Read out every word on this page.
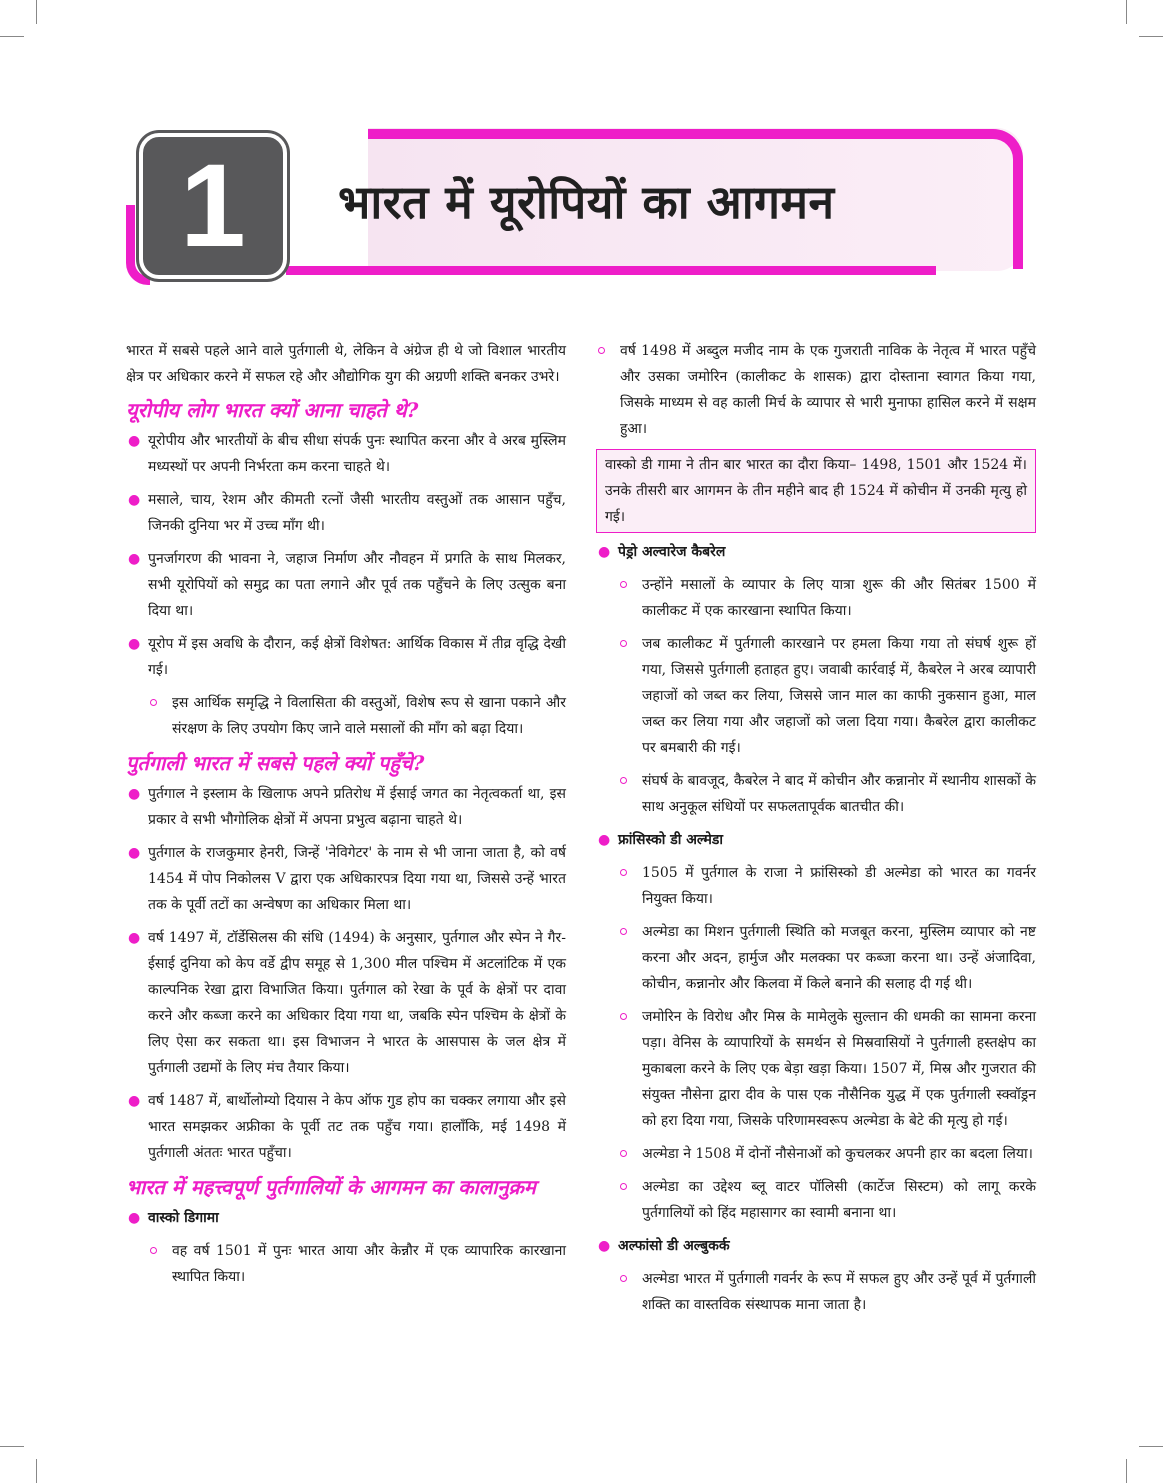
1 भारत में यूरोपियों का आगमन

भारत में सबसे पहले आने वाले पुर्तगाली थे, लेकिन वे अंग्रेज ही थे जो विशाल भारतीय क्षेत्र पर अधिकार करने में सफल रहे और औद्योगिक युग की अग्रणी शक्ति बनकर उभरे।

यूरोपीय लोग भारत क्यों आना चाहते थे?
● यूरोपीय और भारतीयों के बीच सीधा संपर्क पुनः स्थापित करना और वे अरब मुस्लिम मध्यस्थों पर अपनी निर्भरता कम करना चाहते थे।
● मसाले, चाय, रेशम और कीमती रत्नों जैसी भारतीय वस्तुओं तक आसान पहुँच, जिनकी दुनिया भर में उच्च माँग थी।
● पुनर्जागरण की भावना ने, जहाज निर्माण और नौवहन में प्रगति के साथ मिलकर, सभी यूरोपियों को समुद्र का पता लगाने और पूर्व तक पहुँचने के लिए उत्सुक बना दिया था।
● यूरोप में इस अवधि के दौरान, कई क्षेत्रों विशेषत: आर्थिक विकास में तीव्र वृद्धि देखी गई।
इस आर्थिक समृद्धि ने विलासिता की वस्तुओं, विशेष रूप से खाना पकाने और संरक्षण के लिए उपयोग किए जाने वाले मसालों की माँग को बढ़ा दिया।
पुर्तगाली भारत में सबसे पहले क्यों पहुँचे?
● पुर्तगाल ने इस्लाम के खिलाफ अपने प्रतिरोध में ईसाई जगत का नेतृत्वकर्ता था, इस प्रकार वे सभी भौगोलिक क्षेत्रों में अपना प्रभुत्व बढ़ाना चाहते थे।
● पुर्तगाल के राजकुमार हेनरी, जिन्हें 'नेविगेटर' के नाम से भी जाना जाता है, को वर्ष 1454 में पोप निकोलस V द्वारा एक अधिकारपत्र दिया गया था, जिससे उन्हें भारत तक के पूर्वी तटों का अन्वेषण का अधिकार मिला था।
● वर्ष 1497 में, टॉर्डेसिलस की संधि (1494) के अनुसार, पुर्तगाल और स्पेन ने गैर-ईसाई दुनिया को केप वर्डे द्वीप समूह से 1,300 मील पश्चिम में अटलांटिक में एक काल्पनिक रेखा द्वारा विभाजित किया। पुर्तगाल को रेखा के पूर्व के क्षेत्रों पर दावा करने और कब्जा करने का अधिकार दिया गया था, जबकि स्पेन पश्चिम के क्षेत्रों के लिए ऐसा कर सकता था। इस विभाजन ने भारत के आसपास के जल क्षेत्र में पुर्तगाली उद्यमों के लिए मंच तैयार किया।
● वर्ष 1487 में, बार्थोलोम्यो दियास ने केप ऑफ गुड होप का चक्कर लगाया और इसे भारत समझकर अफ्रीका के पूर्वी तट तक पहुँच गया। हालाँकि, मई 1498 में पुर्तगाली अंततः भारत पहुँचा।
भारत में महत्त्वपूर्ण पुर्तगालियों के आगमन का कालानुक्रम
● वास्को डिगामा
वह वर्ष 1501 में पुनः भारत आया और केन्नौर में एक व्यापारिक कारखाना स्थापित किया।
वर्ष 1498 में अब्दुल मजीद नाम के एक गुजराती नाविक के नेतृत्व में भारत पहुँचे और उसका जमोरिन (कालीकट के शासक) द्वारा दोस्ताना स्वागत किया गया, जिसके माध्यम से वह काली मिर्च के व्यापार से भारी मुनाफा हासिल करने में सक्षम हुआ।
वास्को डी गामा ने तीन बार भारत का दौरा किया– 1498, 1501 और 1524 में। उनके तीसरी बार आगमन के तीन महीने बाद ही 1524 में कोचीन में उनकी मृत्यु हो गई।
● पेड्रो अल्वारेज कैबरेल
उन्होंने मसालों के व्यापार के लिए यात्रा शुरू की और सितंबर 1500 में कालीकट में एक कारखाना स्थापित किया।
जब कालीकट में पुर्तगाली कारखाने पर हमला किया गया तो संघर्ष शुरू हों गया, जिससे पुर्तगाली हताहत हुए। जवाबी कार्रवाई में, कैबरेल ने अरब व्यापारी जहाजों को जब्त कर लिया, जिससे जान माल का काफी नुकसान हुआ, माल जब्त कर लिया गया और जहाजों को जला दिया गया। कैबरेल द्वारा कालीकट पर बमबारी की गई।
संघर्ष के बावजूद, कैबरेल ने बाद में कोचीन और कन्नानोर में स्थानीय शासकों के साथ अनुकूल संधियों पर सफलतापूर्वक बातचीत की।
● फ्रांसिस्को डी अल्मेडा
1505 में पुर्तगाल के राजा ने फ्रांसिस्को डी अल्मेडा को भारत का गवर्नर नियुक्त किया।
अल्मेडा का मिशन पुर्तगाली स्थिति को मजबूत करना, मुस्लिम व्यापार को नष्ट करना और अदन, हार्मुज और मलक्का पर कब्जा करना था। उन्हें अंजादिवा, कोचीन, कन्नानोर और किलवा में किले बनाने की सलाह दी गई थी।
जमोरिन के विरोध और मिस्र के मामेलुके सुल्तान की धमकी का सामना करना पड़ा। वेनिस के व्यापारियों के समर्थन से मिस्रवासियों ने पुर्तगाली हस्तक्षेप का मुकाबला करने के लिए एक बेड़ा खड़ा किया। 1507 में, मिस्र और गुजरात की संयुक्त नौसेना द्वारा दीव के पास एक नौसैनिक युद्ध में एक पुर्तगाली स्क्वॉड्रन को हरा दिया गया, जिसके परिणामस्वरूप अल्मेडा के बेटे की मृत्यु हो गई।
अल्मेडा ने 1508 में दोनों नौसेनाओं को कुचलकर अपनी हार का बदला लिया।
अल्मेडा का उद्देश्य ब्लू वाटर पॉलिसी (कार्टेज सिस्टम) को लागू करके पुर्तगालियों को हिंद महासागर का स्वामी बनाना था।
● अल्फांसो डी अल्बुकर्क
अल्मेडा भारत में पुर्तगाली गवर्नर के रूप में सफल हुए और उन्हें पूर्व में पुर्तगाली शक्ति का वास्तविक संस्थापक माना जाता है।
